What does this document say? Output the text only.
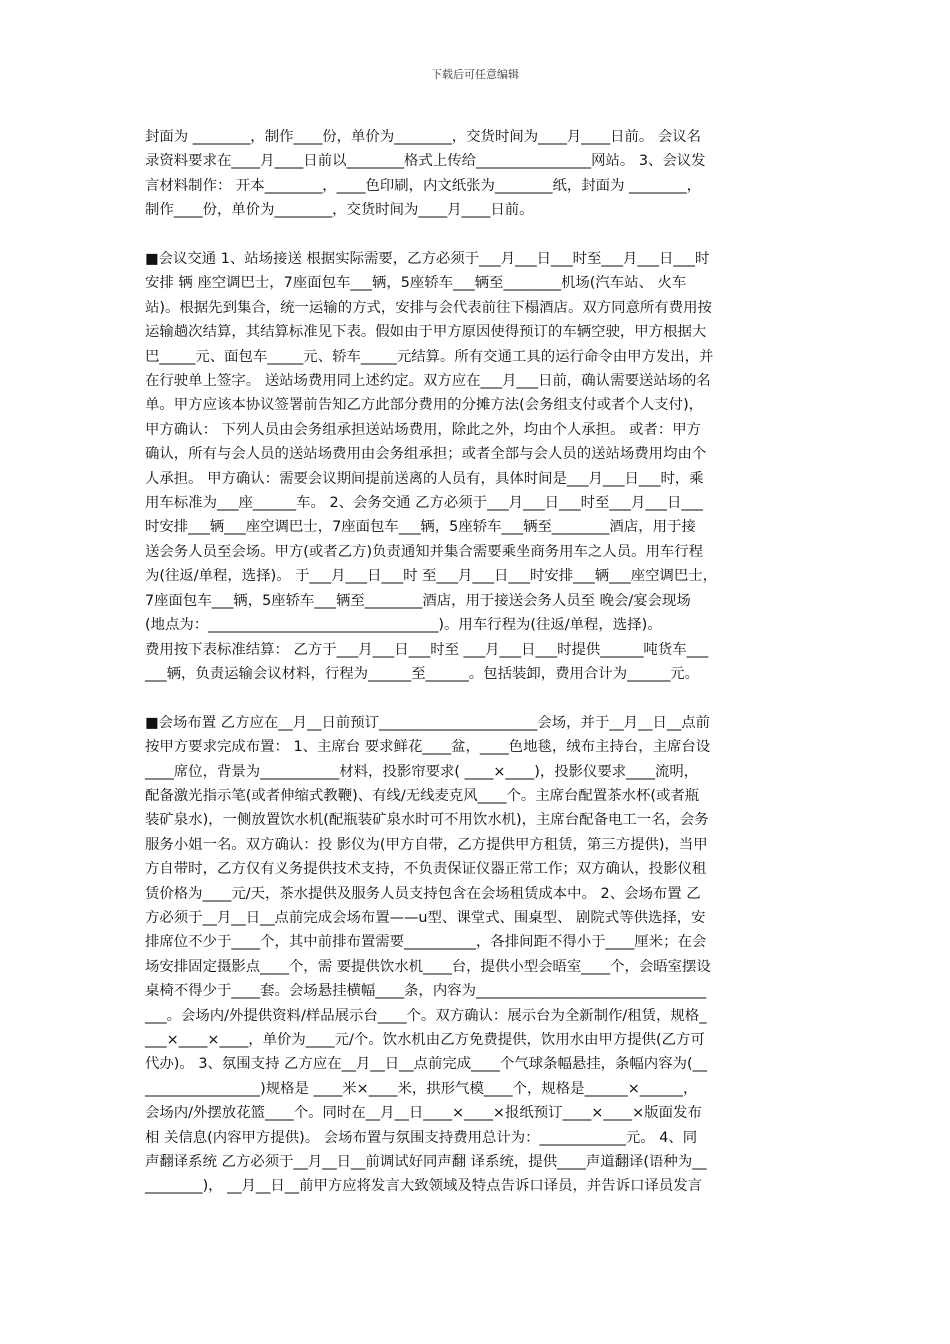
下载后可任意编辑

封面为 ________，制作____份，单价为________，交货时间为____月____日前。 会议名

录资料要求在____月____日前以________格式上传给________________网站。 3、会议发

言材料制作： 开本________，____色印刷，内文纸张为________纸，封面为 ________，

制作____份，单价为________，交货时间为____月____日前。

■会议交通 1、站场接送 根据实际需要，乙方必须于___月___日___时至___月___日___时

安排 辆 座空调巴士，7座面包车___辆，5座轿车___辆至________机场(汽车站、 火车

站)。根据先到集合，统一运输的方式，安排与会代表前往下榻酒店。双方同意所有费用按

运输趟次结算，其结算标准见下表。假如由于甲方原因使得预订的车辆空驶，甲方根据大

巴_____元、面包车_____元、轿车_____元结算。所有交通工具的运行命令由甲方发出，并

在行驶单上签字。 送站场费用同上述约定。双方应在___月___日前，确认需要送站场的名

单。甲方应该本协议签署前告知乙方此部分费用的分摊方法(会务组支付或者个人支付)，

甲方确认： 下列人员由会务组承担送站场费用，除此之外，均由个人承担。 或者：甲方

确认，所有与会人员的送站场费用由会务组承担；或者全部与会人员的送站场费用均由个

人承担。 甲方确认：需要会议期间提前送离的人员有，具体时间是___月___日___时，乘

用车标准为___座______车。 2、会务交通 乙方必须于___月___日___时至___月___日___

时安排___辆___座空调巴士，7座面包车___辆，5座轿车___辆至________酒店，用于接

送会务人员至会场。甲方(或者乙方)负责通知并集合需要乘坐商务用车之人员。用车行程

为(往返/单程，选择)。 于___月___日___时 至___月___日___时安排___辆___座空调巴士，

7座面包车___辆，5座轿车___辆至________酒店，用于接送会务人员至 晚会/宴会现场

(地点为：________________________________)。用车行程为(往返/单程，选择)。

费用按下表标准结算： 乙方于___月___日___时至 ___月___日___时提供______吨货车___

___辆，负责运输会议材料，行程为______至______。包括装卸，费用合计为______元。

■会场布置 乙方应在__月__日前预订______________________会场，并于__月__日__点前

按甲方要求完成布置： 1、主席台 要求鲜花____盆，____色地毯，绒布主持台，主席台设

____席位，背景为___________材料，投影帘要求( ____×____)，投影仪要求____流明，

配备激光指示笔(或者伸缩式教鞭)、有线/无线麦克风____个。主席台配置茶水杯(或者瓶

装矿泉水)，一侧放置饮水机(配瓶装矿泉水时可不用饮水机)，主席台配备电工一名，会务

服务小姐一名。双方确认：投 影仪为(甲方自带，乙方提供甲方租赁，第三方提供)，当甲

方自带时，乙方仅有义务提供技术支持，不负责保证仪器正常工作；双方确认，投影仪租

赁价格为____元/天，茶水提供及服务人员支持包含在会场租赁成本中。 2、会场布置 乙

方必须于__月__日__点前完成会场布置——u型、课堂式、围桌型、 剧院式等供选择，安

排席位不少于____个，其中前排布置需要__________，各排间距不得小于____厘米；在会

场安排固定摄影点____个，需 要提供饮水机____台，提供小型会晤室____个，会晤室摆设

桌椅不得少于____套。会场悬挂横幅____条，内容为________________________________

___。会场内/外提供资料/样品展示台____个。双方确认：展示台为全新制作/租赁，规格_

___×____×____，单价为____元/个。饮水机由乙方免费提供，饮用水由甲方提供(乙方可

代办)。 3、氛围支持 乙方应在__月__日__点前完成____个气球条幅悬挂，条幅内容为(__

________________)规格是 ____米×____米，拱形气模____个，规格是______×______，

会场内/外摆放花篮____个。同时在__月__日____×____×报纸预订____×____×版面发布

相 关信息(内容甲方提供)。 会场布置与氛围支持费用总计为：____________元。 4、同

声翻译系统 乙方必须于__月__日__前调试好同声翻 译系统，提供____声道翻译(语种为__

________)， __月__日__前甲方应将发言大致领域及特点告诉口译员，并告诉口译员发言
